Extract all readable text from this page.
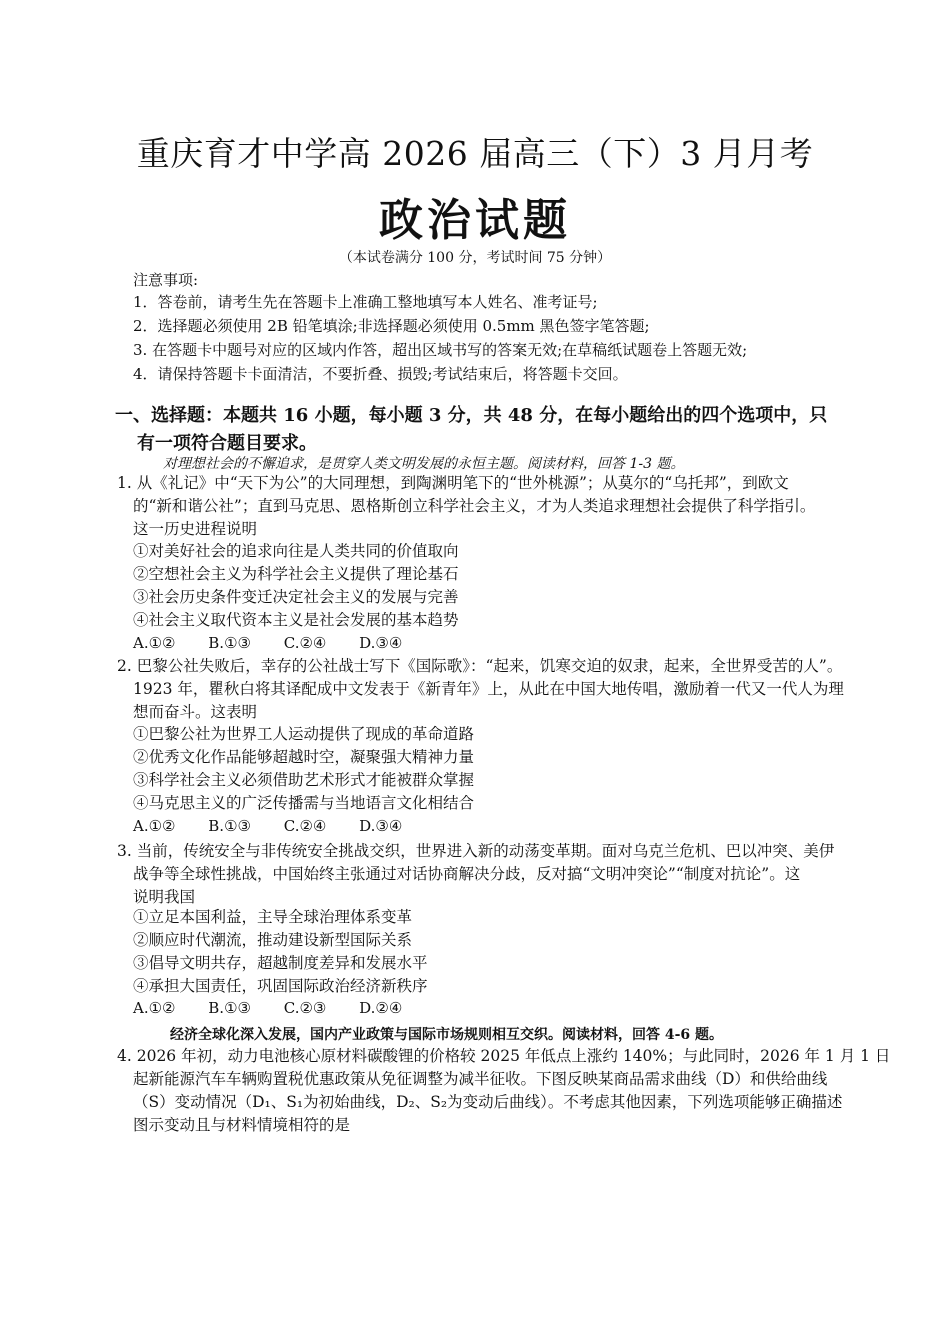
重庆育才中学高 2026 届高三（下）3 月月考
政治试题
（本试卷满分 100 分，考试时间 75 分钟）
注意事项:
1．答卷前，请考生先在答题卡上准确工整地填写本人姓名、准考证号;
2．选择题必须使用 2B 铅笔填涂;非选择题必须使用 0.5mm 黑色签字笔答题;
3. 在答题卡中题号对应的区域内作答，超出区域书写的答案无效;在草稿纸试题卷上答题无效;
4．请保持答题卡卡面清洁，不要折叠、损毁;考试结束后，将答题卡交回。
一、选择题：本题共 16 小题，每小题 3 分，共 48 分，在每小题给出的四个选项中，只
有一项符合题目要求。
对理想社会的不懈追求，是贯穿人类文明发展的永恒主题。阅读材料，回答 1-3 题。
1. 从《礼记》中“天下为公”的大同理想，到陶渊明笔下的“世外桃源”；从莫尔的“乌托邦”，到欧文
的“新和谐公社”；直到马克思、恩格斯创立科学社会主义，才为人类追求理想社会提供了科学指引。
这一历史进程说明
①对美好社会的追求向往是人类共同的价值取向
②空想社会主义为科学社会主义提供了理论基石
③社会历史条件变迁决定社会主义的发展与完善
④社会主义取代资本主义是社会发展的基本趋势
A.①② B.①③ C.②④ D.③④
2. 巴黎公社失败后，幸存的公社战士写下《国际歌》：“起来，饥寒交迫的奴隶，起来，全世界受苦的人”。
1923 年，瞿秋白将其译配成中文发表于《新青年》上，从此在中国大地传唱，激励着一代又一代人为理
想而奋斗。这表明
①巴黎公社为世界工人运动提供了现成的革命道路
②优秀文化作品能够超越时空，凝聚强大精神力量
③科学社会主义必须借助艺术形式才能被群众掌握
④马克思主义的广泛传播需与当地语言文化相结合
A.①② B.①③ C.②④ D.③④
3. 当前，传统安全与非传统安全挑战交织，世界进入新的动荡变革期。面对乌克兰危机、巴以冲突、美伊
战争等全球性挑战，中国始终主张通过对话协商解决分歧，反对搞“文明冲突论”“制度对抗论”。这
说明我国
①立足本国利益，主导全球治理体系变革
②顺应时代潮流，推动建设新型国际关系
③倡导文明共存，超越制度差异和发展水平
④承担大国责任，巩固国际政治经济新秩序
A.①② B.①③ C.②③ D.②④
经济全球化深入发展，国内产业政策与国际市场规则相互交织。阅读材料，回答 4-6 题。
4. 2026 年初，动力电池核心原材料碳酸锂的价格较 2025 年低点上涨约 140%；与此同时，2026 年 1 月 1 日
起新能源汽车车辆购置税优惠政策从免征调整为减半征收。下图反映某商品需求曲线（D）和供给曲线
（S）变动情况（D₁、S₁为初始曲线，D₂、S₂为变动后曲线）。不考虑其他因素，下列选项能够正确描述
图示变动且与材料情境相符的是
